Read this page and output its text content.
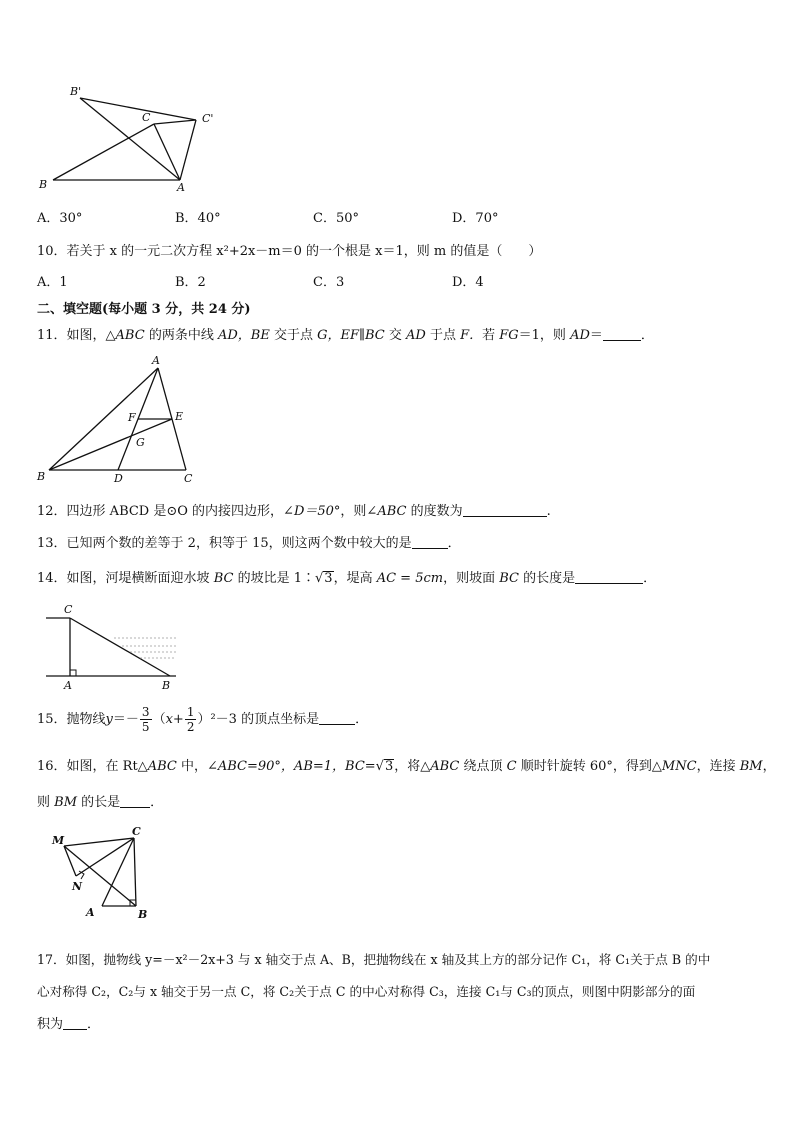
B'
C	C'
B	A
A．30°	B．40°	C．50°	D．70°
10．若关于 x 的一元二次方程 x²+2x－m＝0 的一个根是 x＝1，则 m 的值是（　　）
A．1	B．2	C．3	D．4
二、填空题(每小题 3 分，共 24 分)
11．如图，△ABC 的两条中线 AD，BE 交于点 G，EF∥BC 交 AD 于点 F．若 FG＝1，则 AD＝	．
A
F	E
G
B	D	C
12．四边形 ABCD 是⊙O 的内接四边形，∠D＝50°，则∠ABC 的度数为	.
13．已知两个数的差等于 2，积等于 15，则这两个数中较大的是	．
14．如图，河堤横断面迎水坡 BC 的坡比是 1∶√3，堤高 AC = 5cm，则坡面 BC 的长度是	．
C
A	B
15．抛物线$y=- \frac{3}{5} (x+ \frac{1}{2} )^2-3$ 的顶点坐标是	．
16．如图，在 Rt△ABC 中，∠ABC=90°，AB=1，BC=√3，将△ABC 绕点顶 C 顺时针旋转 60°，得到△MNC，连接 BM，
则 BM 的长是 ．
M
C
N
A	B
17．如图，抛物线 y=－x²－2x+3 与 x 轴交于点 A、B，把抛物线在 x 轴及其上方的部分记作 C₁，将 C₁关于点 B 的中
心对称得 C₂，C₂与 x 轴交于另一点 C，将 C₂关于点 C 的中心对称得 C₃，连接 C₁与 C₃的顶点，则图中阴影部分的面
积为 ．
